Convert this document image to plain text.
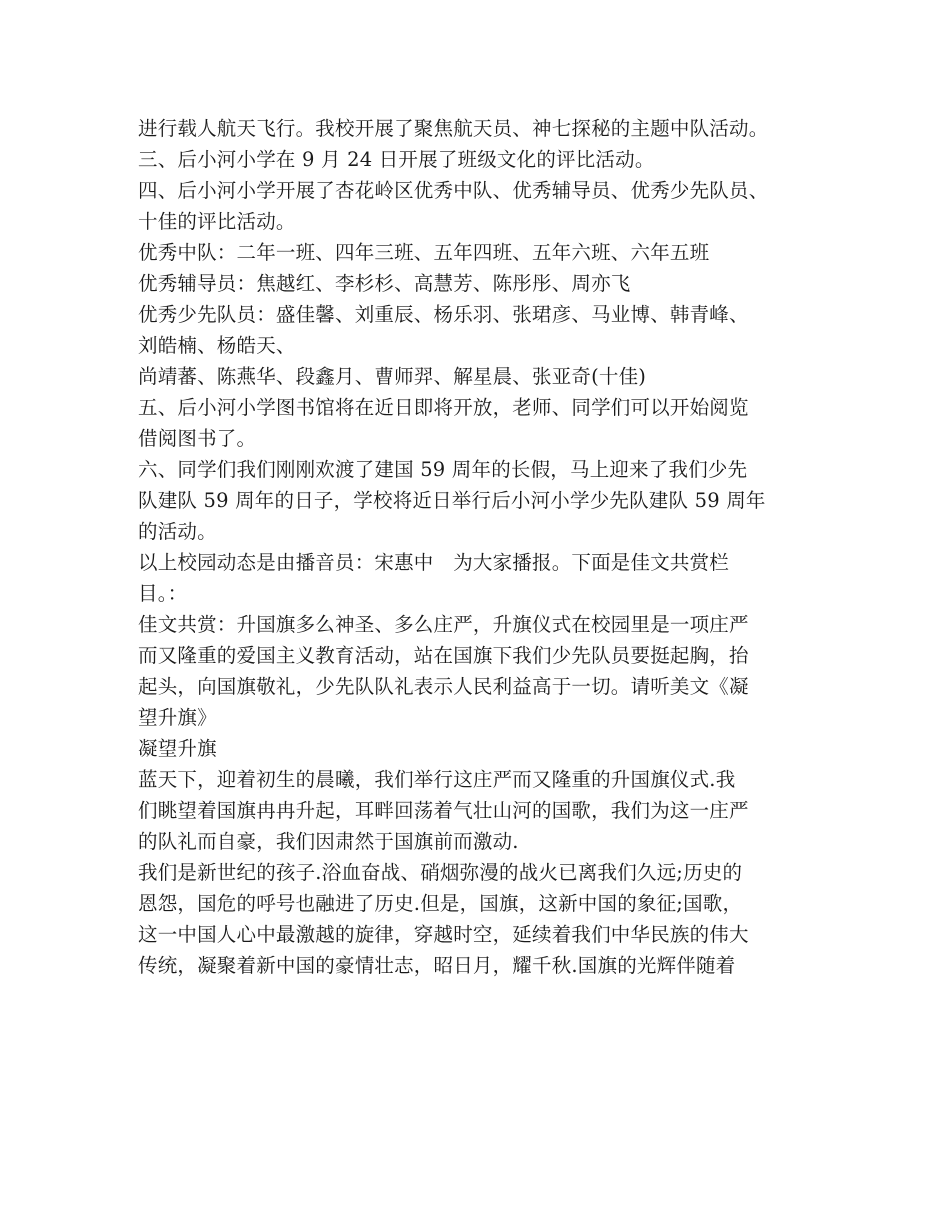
进行载人航天飞行。我校开展了聚焦航天员、神七探秘的主题中队活动。
三、后小河小学在 9 月 24 日开展了班级文化的评比活动。
四、后小河小学开展了杏花岭区优秀中队、优秀辅导员、优秀少先队员、
十佳的评比活动。
优秀中队：二年一班、四年三班、五年四班、五年六班、六年五班
优秀辅导员：焦越红、李杉杉、高慧芳、陈彤彤、周亦飞
优秀少先队员：盛佳馨、刘重辰、杨乐羽、张珺彦、马业博、韩青峰、
刘皓楠、杨皓天、
尚靖蕃、陈燕华、段鑫月、曹师羿、解星晨、张亚奇(十佳)
五、后小河小学图书馆将在近日即将开放，老师、同学们可以开始阅览
借阅图书了。
六、同学们我们刚刚欢渡了建国 59 周年的长假，马上迎来了我们少先
队建队 59 周年的日子，学校将近日举行后小河小学少先队建队 59 周年
的活动。
以上校园动态是由播音员：宋惠中　为大家播报。下面是佳文共赏栏
目。：
佳文共赏：升国旗多么神圣、多么庄严，升旗仪式在校园里是一项庄严
而又隆重的爱国主义教育活动，站在国旗下我们少先队员要挺起胸，抬
起头，向国旗敬礼，少先队队礼表示人民利益高于一切。请听美文《凝
望升旗》
凝望升旗
蓝天下，迎着初生的晨曦，我们举行这庄严而又隆重的升国旗仪式.我
们眺望着国旗冉冉升起，耳畔回荡着气壮山河的国歌，我们为这一庄严
的队礼而自豪，我们因肃然于国旗前而激动.
我们是新世纪的孩子.浴血奋战、硝烟弥漫的战火已离我们久远;历史的
恩怨，国危的呼号也融进了历史.但是，国旗，这新中国的象征;国歌，
这一中国人心中最激越的旋律，穿越时空，延续着我们中华民族的伟大
传统，凝聚着新中国的豪情壮志，昭日月，耀千秋.国旗的光辉伴随着
